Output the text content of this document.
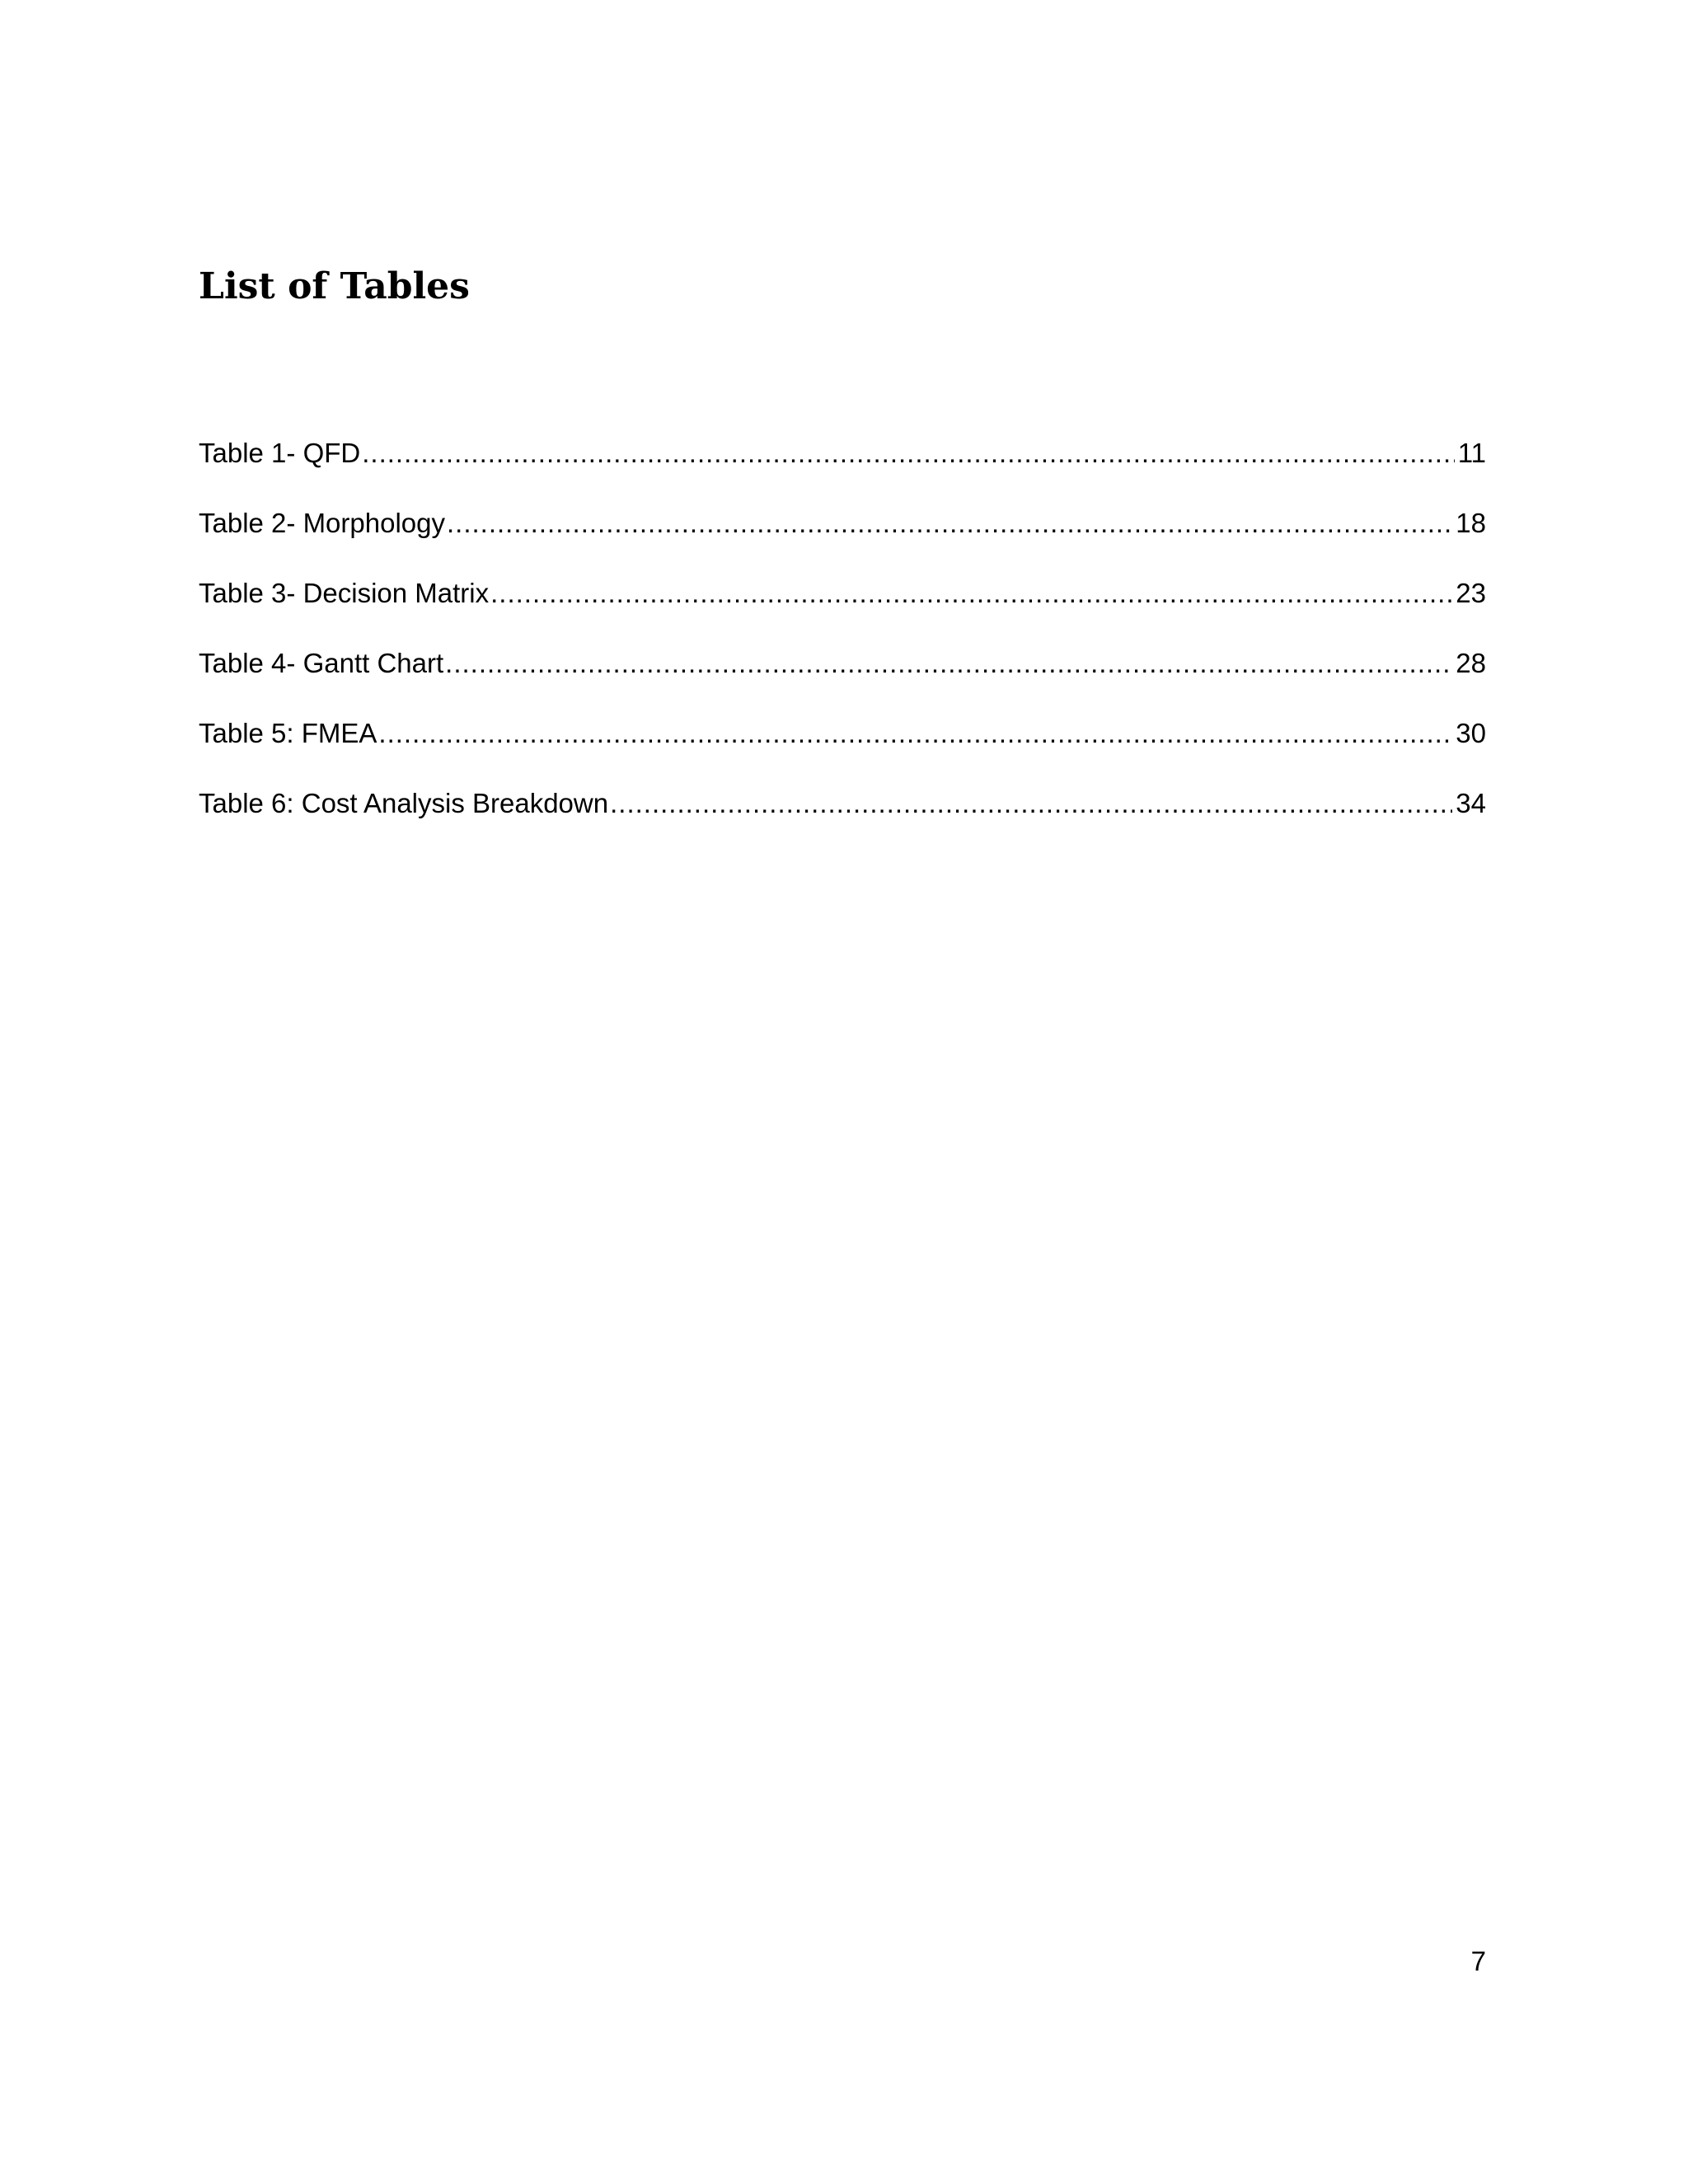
List of Tables
Table 1- QFD .....	11
Table 2- Morphology .....	18
Table 3- Decision Matrix .....	23
Table 4- Gantt Chart .....	28
Table 5: FMEA .....	30
Table 6: Cost Analysis Breakdown .....	34
7
